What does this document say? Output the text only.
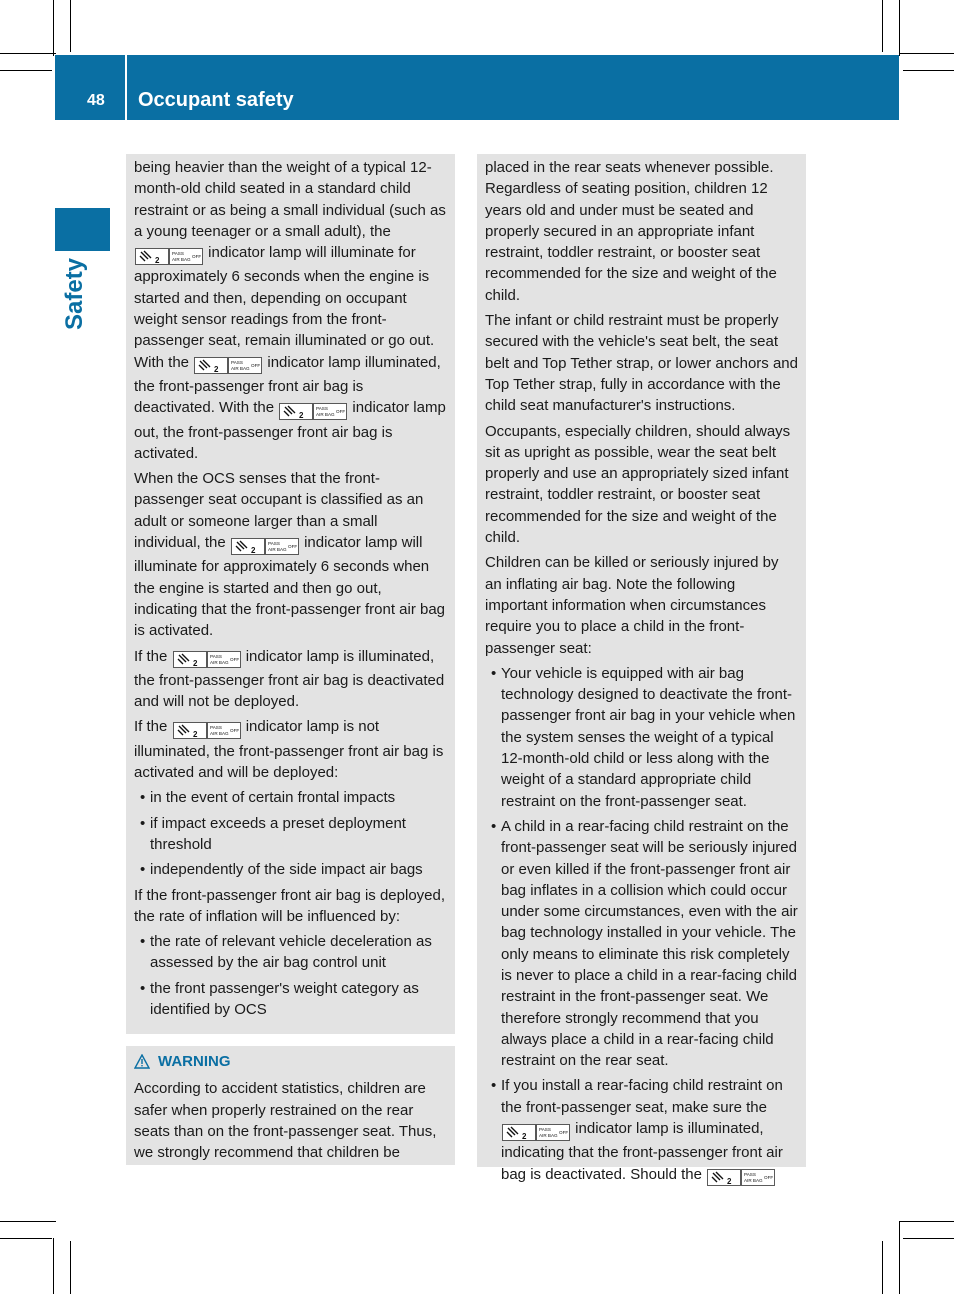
48 Occupant safety
Safety

being heavier than the weight of a typical 12-month-old child seated in a standard child restraint or as being a small individual (such as a young teenager or a small adult), the
2
PASS
AIR BAG
OFF indicator lamp will illuminate for approximately 6 seconds when the engine is started and then, depending on occupant weight sensor readings from the front-passenger seat, remain illuminated or go out. With the	2
PASS
AIR BAG
OFF indicator lamp illuminated, the front-passenger front air bag is deactivated. With the	2
PASS
AIR BAG
OFF indicator lamp out, the front-passenger front air bag is activated.

When the OCS senses that the front-passenger seat occupant is classified as an adult or someone larger than a small individual, the	2
PASS
AIR BAG
OFF indicator lamp will illuminate for approximately 6 seconds when the engine is started and then go out, indicating that the front-passenger front air bag is activated.

If the	2
PASS
AIR BAG
OFF indicator lamp is illuminated, the front-passenger front air bag is deactivated and will not be deployed.

If the	2
PASS
AIR BAG
OFF indicator lamp is not illuminated, the front-passenger front air bag is activated and will be deployed:

• in the event of certain frontal impacts
• if impact exceeds a preset deployment threshold
• independently of the side impact air bags

If the front-passenger front air bag is deployed, the rate of inflation will be influenced by:

• the rate of relevant vehicle deceleration as assessed by the air bag control unit
• the front passenger's weight category as identified by OCS
WARNING

According to accident statistics, children are safer when properly restrained on the rear seats than on the front-passenger seat. Thus, we strongly recommend that children be

placed in the rear seats whenever possible. Regardless of seating position, children 12 years old and under must be seated and properly secured in an appropriate infant restraint, toddler restraint, or booster seat recommended for the size and weight of the child.

The infant or child restraint must be properly secured with the vehicle's seat belt, the seat belt and Top Tether strap, or lower anchors and Top Tether strap, fully in accordance with the child seat manufacturer's instructions.

Occupants, especially children, should always sit as upright as possible, wear the seat belt properly and use an appropriately sized infant restraint, toddler restraint, or booster seat recommended for the size and weight of the child.

Children can be killed or seriously injured by an inflating air bag. Note the following important information when circumstances require you to place a child in the front-passenger seat:

• Your vehicle is equipped with air bag technology designed to deactivate the front-passenger front air bag in your vehicle when the system senses the weight of a typical 12-month-old child or less along with the weight of a standard appropriate child restraint on the front-passenger seat.
• A child in a rear-facing child restraint on the front-passenger seat will be seriously injured or even killed if the front-passenger front air bag inflates in a collision which could occur under some circumstances, even with the air bag technology installed in your vehicle. The only means to eliminate this risk completely is never to place a child in a rear-facing child restraint in the front-passenger seat. We therefore strongly recommend that you always place a child in a rear-facing child restraint on the rear seat.
• If you install a rear-facing child restraint on the front-passenger seat, make sure the
2
PASS
AIR BAG
OFF indicator lamp is illuminated, indicating that the front-passenger front air bag is deactivated. Should the	2
PASS
AIR BAG
OFF
